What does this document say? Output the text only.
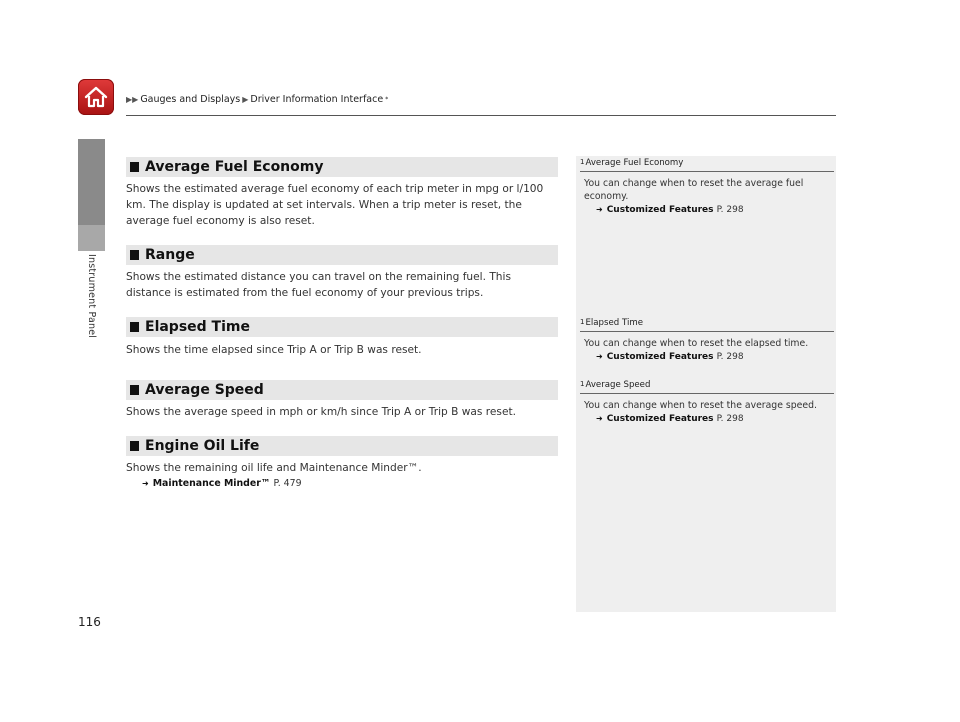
Instrument Panel
▶▶ Gauges and Displays ▶ Driver Information Interface *
Average Fuel Economy
Shows the estimated average fuel economy of each trip meter in mpg or l/100 km. The display is updated at set intervals. When a trip meter is reset, the average fuel economy is also reset.
Range
Shows the estimated distance you can travel on the remaining fuel. This distance is estimated from the fuel economy of your previous trips.
Elapsed Time
Shows the time elapsed since Trip A or Trip B was reset.
Average Speed
Shows the average speed in mph or km/h since Trip A or Trip B was reset.
Engine Oil Life
Shows the remaining oil life and Maintenance Minder™.
➜ Maintenance Minder™ P. 479
$^1$Average Fuel Economy
You can change when to reset the average fuel economy.
➜ Customized Features P. 298
$^1$Elapsed Time
You can change when to reset the elapsed time.
➜ Customized Features P. 298
$^1$Average Speed
You can change when to reset the average speed.
➜ Customized Features P. 298
116
